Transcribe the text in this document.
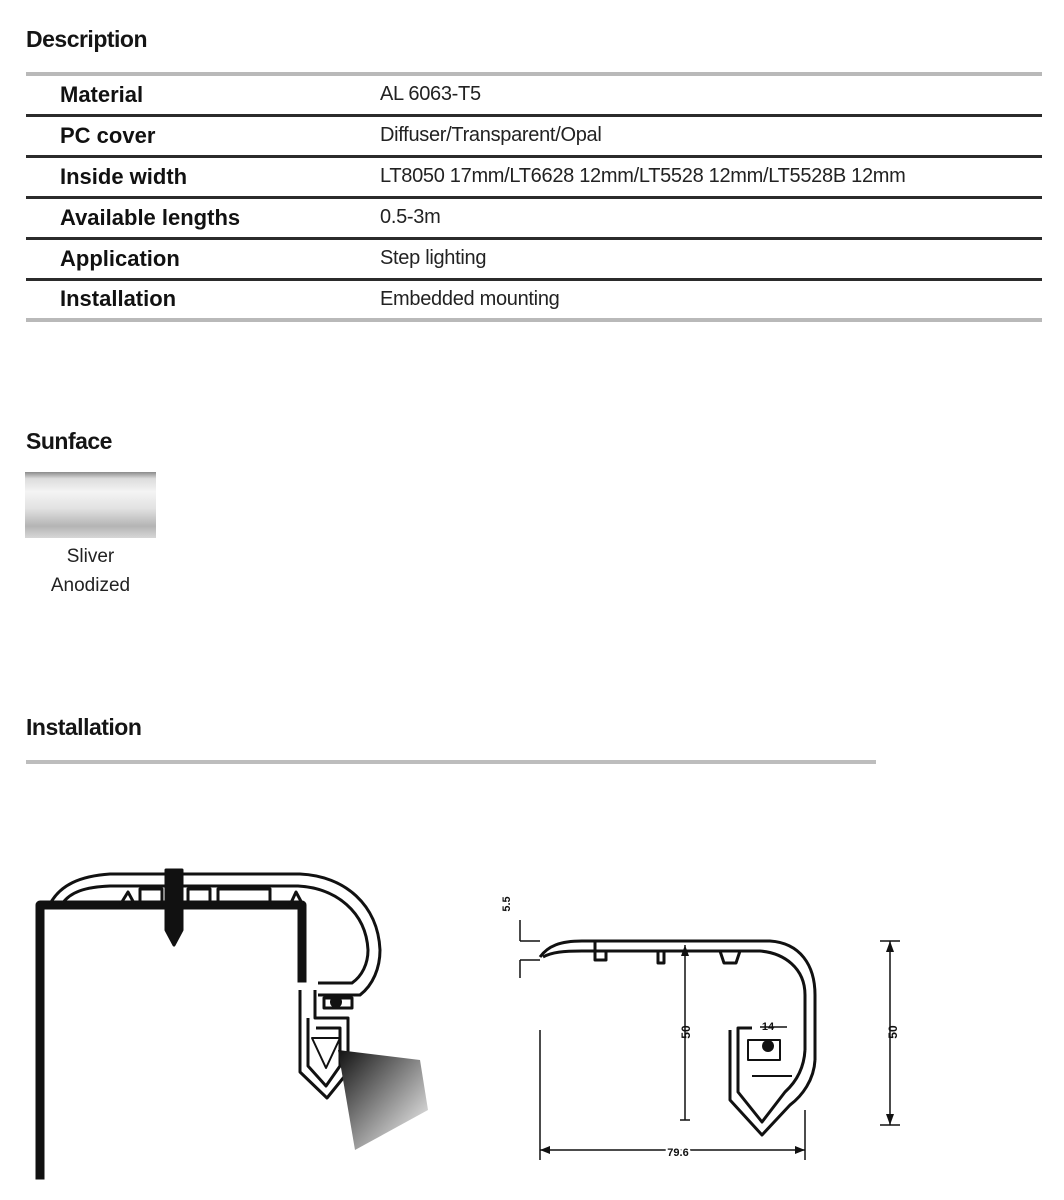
Description
Material	AL 6063-T5
PC cover	Diffuser/Transparent/Opal
Inside width	LT8050 17mm/LT6628 12mm/LT5528 12mm/LT5528B 12mm
Available lengths	0.5-3m
Application	Step lighting
Installation	Embedded mounting
Sunface
Sliver
Anodized
Installation
5.5
50	50
14
79.6
